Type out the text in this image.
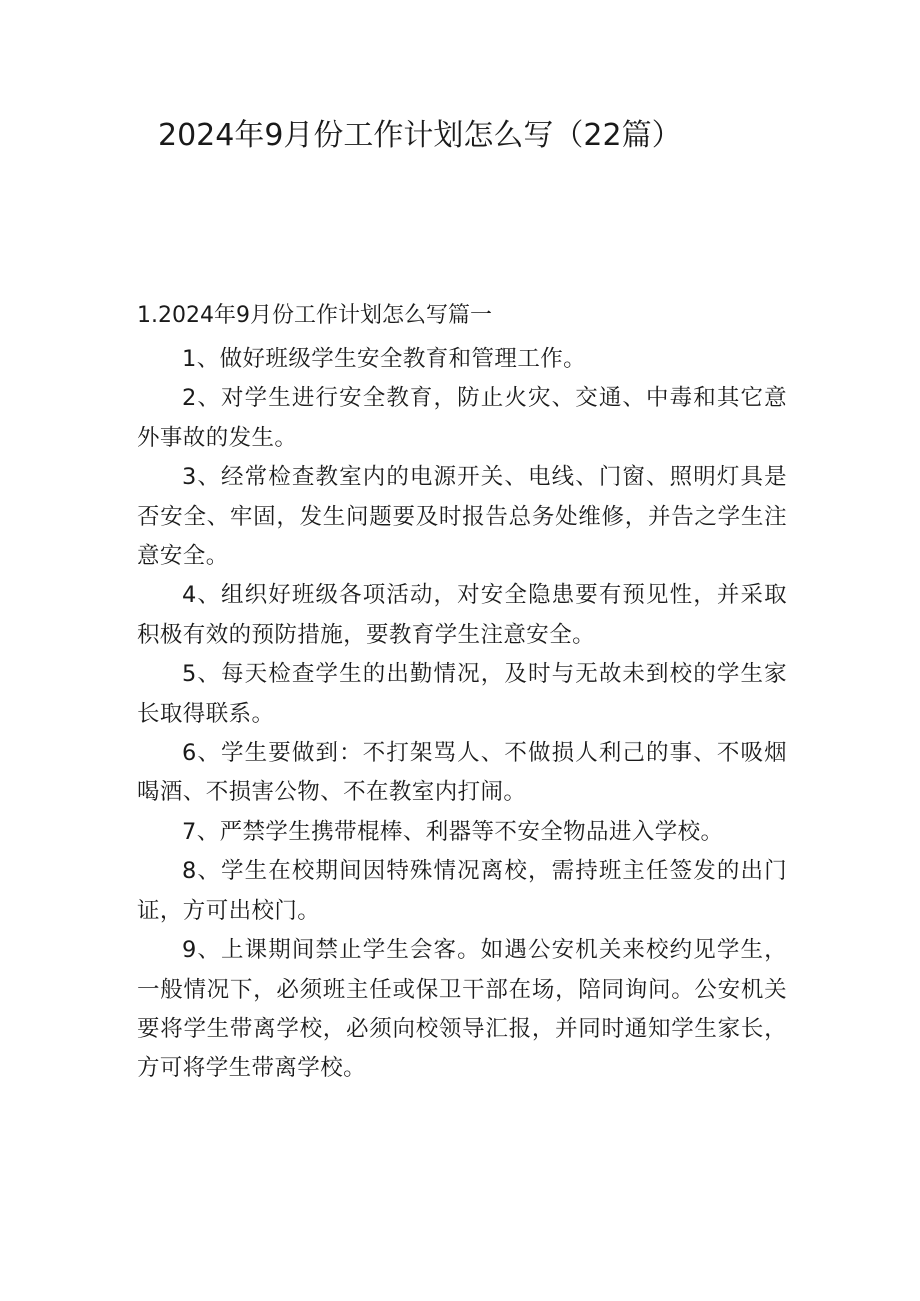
2024年9月份工作计划怎么写（22篇）
1.2024年9月份工作计划怎么写篇一

1、做好班级学生安全教育和管理工作。

2、对学生进行安全教育，防止火灾、交通、中毒和其它意外事故的发生。

3、经常检查教室内的电源开关、电线、门窗、照明灯具是否安全、牢固，发生问题要及时报告总务处维修，并告之学生注意安全。

4、组织好班级各项活动，对安全隐患要有预见性，并采取积极有效的预防措施，要教育学生注意安全。

5、每天检查学生的出勤情况，及时与无故未到校的学生家长取得联系。

6、学生要做到：不打架骂人、不做损人利己的事、不吸烟喝酒、不损害公物、不在教室内打闹。

7、严禁学生携带棍棒、利器等不安全物品进入学校。

8、学生在校期间因特殊情况离校，需持班主任签发的出门证，方可出校门。

9、上课期间禁止学生会客。如遇公安机关来校约见学生，一般情况下，必须班主任或保卫干部在场，陪同询问。公安机关要将学生带离学校，必须向校领导汇报，并同时通知学生家长，方可将学生带离学校。
